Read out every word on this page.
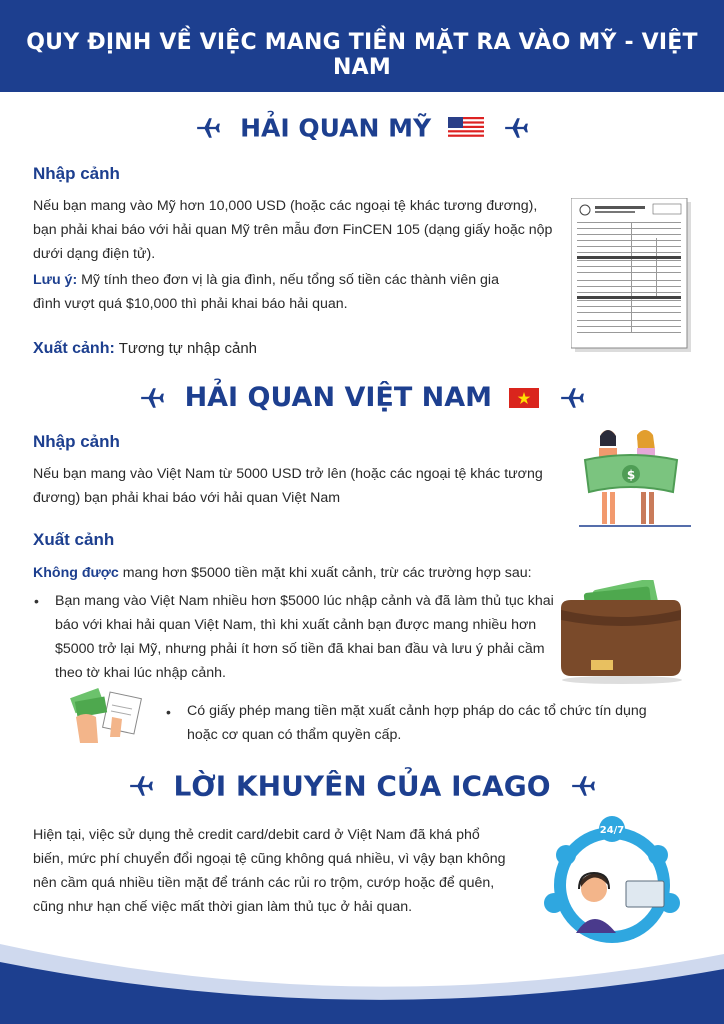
QUY ĐỊNH VỀ VIỆC MANG TIỀN MẶT RA VÀO MỸ - VIỆT NAM
HẢI QUAN MỸ
Nhập cảnh

Nếu bạn mang vào Mỹ hơn 10,000 USD (hoặc các ngoại tệ khác tương đương), bạn phải khai báo với hải quan Mỹ trên mẫu đơn FinCEN 105 (dạng giấy hoặc nộp dưới dạng điện tử).

Lưu ý: Mỹ tính theo đơn vị là gia đình, nếu tổng số tiền các thành viên gia đình vượt quá $10,000 thì phải khai báo hải quan.

Xuất cảnh: Tương tự nhập cảnh

HẢI QUAN VIỆT NAM
Nhập cảnh

Nếu bạn mang vào Việt Nam từ 5000 USD trở lên (hoặc các ngoại tệ khác tương đương) bạn phải khai báo với hải quan Việt Nam

$
Xuất cảnh

Không được mang hơn $5000 tiền mặt khi xuất cảnh, trừ các trường hợp sau:

• Bạn mang vào Việt Nam nhiều hơn $5000 lúc nhập cảnh và đã làm thủ tục khai báo với khai hải quan Việt Nam, thì khi xuất cảnh bạn được mang nhiều hơn $5000 trở lại Mỹ, nhưng phải ít hơn số tiền đã khai ban đầu và lưu ý phải cầm theo tờ khai lúc nhập cảnh.

• Có giấy phép mang tiền mặt xuất cảnh hợp pháp do các tổ chức tín dụng hoặc cơ quan có thẩm quyền cấp.

LỜI KHUYÊN CỦA ICAGO

Hiện tại, việc sử dụng thẻ credit card/debit card ở Việt Nam đã khá phổ biến, mức phí chuyển đổi ngoại tệ cũng không quá nhiều, vì vậy bạn không nên cầm quá nhiều tiền mặt để tránh các rủi ro trộm, cướp hoặc để quên, cũng như hạn chế việc mất thời gian làm thủ tục ở hải quan.

24/7
